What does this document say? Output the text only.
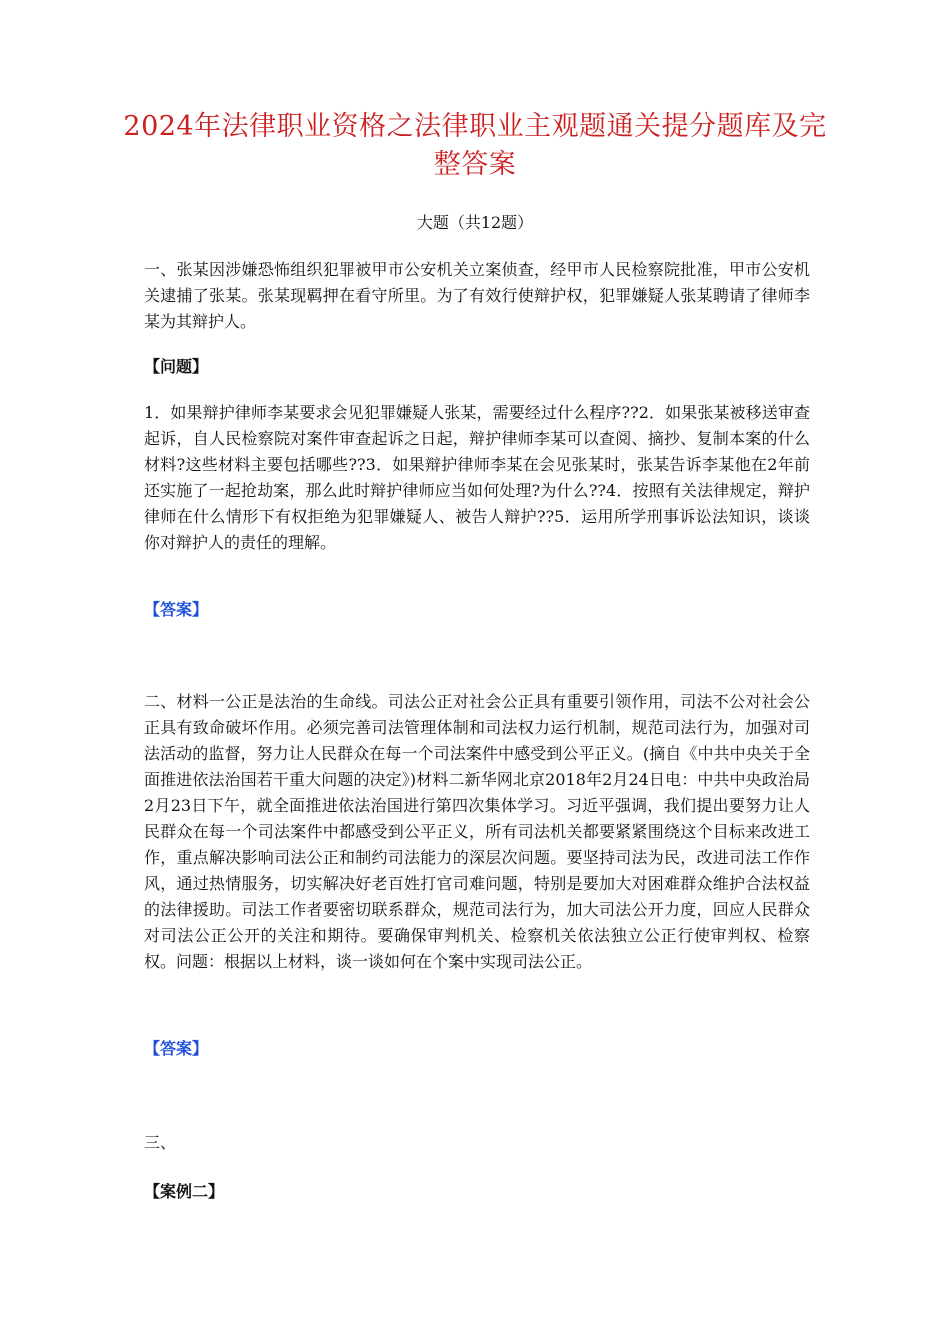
2024年法律职业资格之法律职业主观题通关提分题库及完整答案
大题（共12题）
一、张某因涉嫌恐怖组织犯罪被甲市公安机关立案侦查，经甲市人民检察院批准，甲市公安机关逮捕了张某。张某现羁押在看守所里。为了有效行使辩护权，犯罪嫌疑人张某聘请了律师李某为其辩护人。
【问题】
1．如果辩护律师李某要求会见犯罪嫌疑人张某，需要经过什么程序??2．如果张某被移送审查起诉，自人民检察院对案件审查起诉之日起，辩护律师李某可以查阅、摘抄、复制本案的什么材料?这些材料主要包括哪些??3．如果辩护律师李某在会见张某时，张某告诉李某他在2年前还实施了一起抢劫案，那么此时辩护律师应当如何处理?为什么??4．按照有关法律规定，辩护律师在什么情形下有权拒绝为犯罪嫌疑人、被告人辩护??5．运用所学刑事诉讼法知识，谈谈你对辩护人的责任的理解。
【答案】
二、材料一公正是法治的生命线。司法公正对社会公正具有重要引领作用，司法不公对社会公正具有致命破坏作用。必须完善司法管理体制和司法权力运行机制，规范司法行为，加强对司法活动的监督，努力让人民群众在每一个司法案件中感受到公平正义。(摘自《中共中央关于全面推进依法治国若干重大问题的决定》)材料二新华网北京2018年2月24日电：中共中央政治局2月23日下午，就全面推进依法治国进行第四次集体学习。习近平强调，我们提出要努力让人民群众在每一个司法案件中都感受到公平正义，所有司法机关都要紧紧围绕这个目标来改进工作，重点解决影响司法公正和制约司法能力的深层次问题。要坚持司法为民，改进司法工作作风，通过热情服务，切实解决好老百姓打官司难问题，特别是要加大对困难群众维护合法权益的法律援助。司法工作者要密切联系群众，规范司法行为，加大司法公开力度，回应人民群众对司法公正公开的关注和期待。要确保审判机关、检察机关依法独立公正行使审判权、检察权。问题：根据以上材料，谈一谈如何在个案中实现司法公正。
【答案】
三、
【案例二】
